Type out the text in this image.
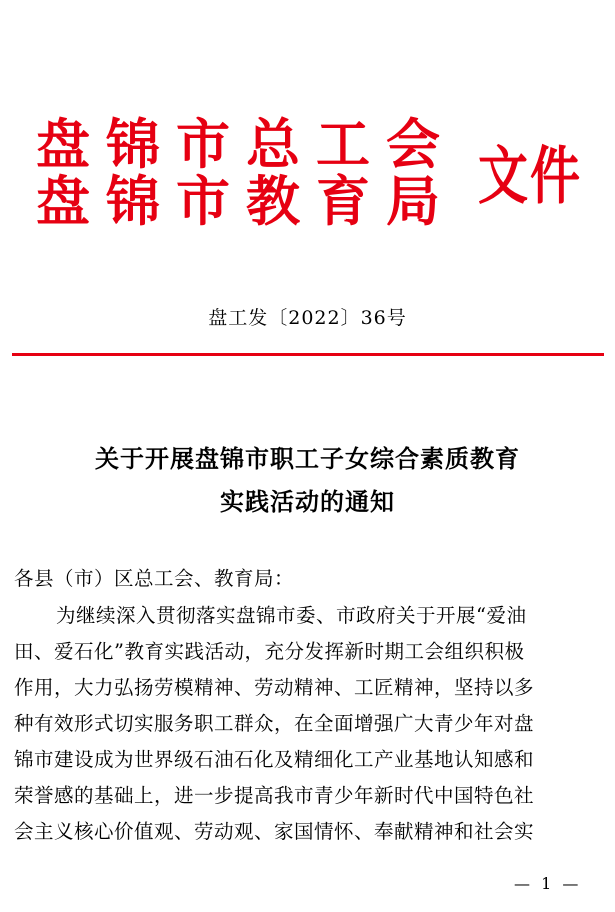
盘锦市总工会
盘锦市教育局 文件
盘工发〔2022〕36号
关于开展盘锦市职工子女综合素质教育
实践活动的通知
各县（市）区总工会、教育局：
为继续深入贯彻落实盘锦市委、市政府关于开展“爱油
田、爱石化”教育实践活动，充分发挥新时期工会组织积极
作用，大力弘扬劳模精神、劳动精神、工匠精神，坚持以多
种有效形式切实服务职工群众，在全面增强广大青少年对盘
锦市建设成为世界级石油石化及精细化工产业基地认知感和
荣誉感的基础上，进一步提高我市青少年新时代中国特色社
会主义核心价值观、劳动观、家国情怀、奉献精神和社会实
— 1 —
